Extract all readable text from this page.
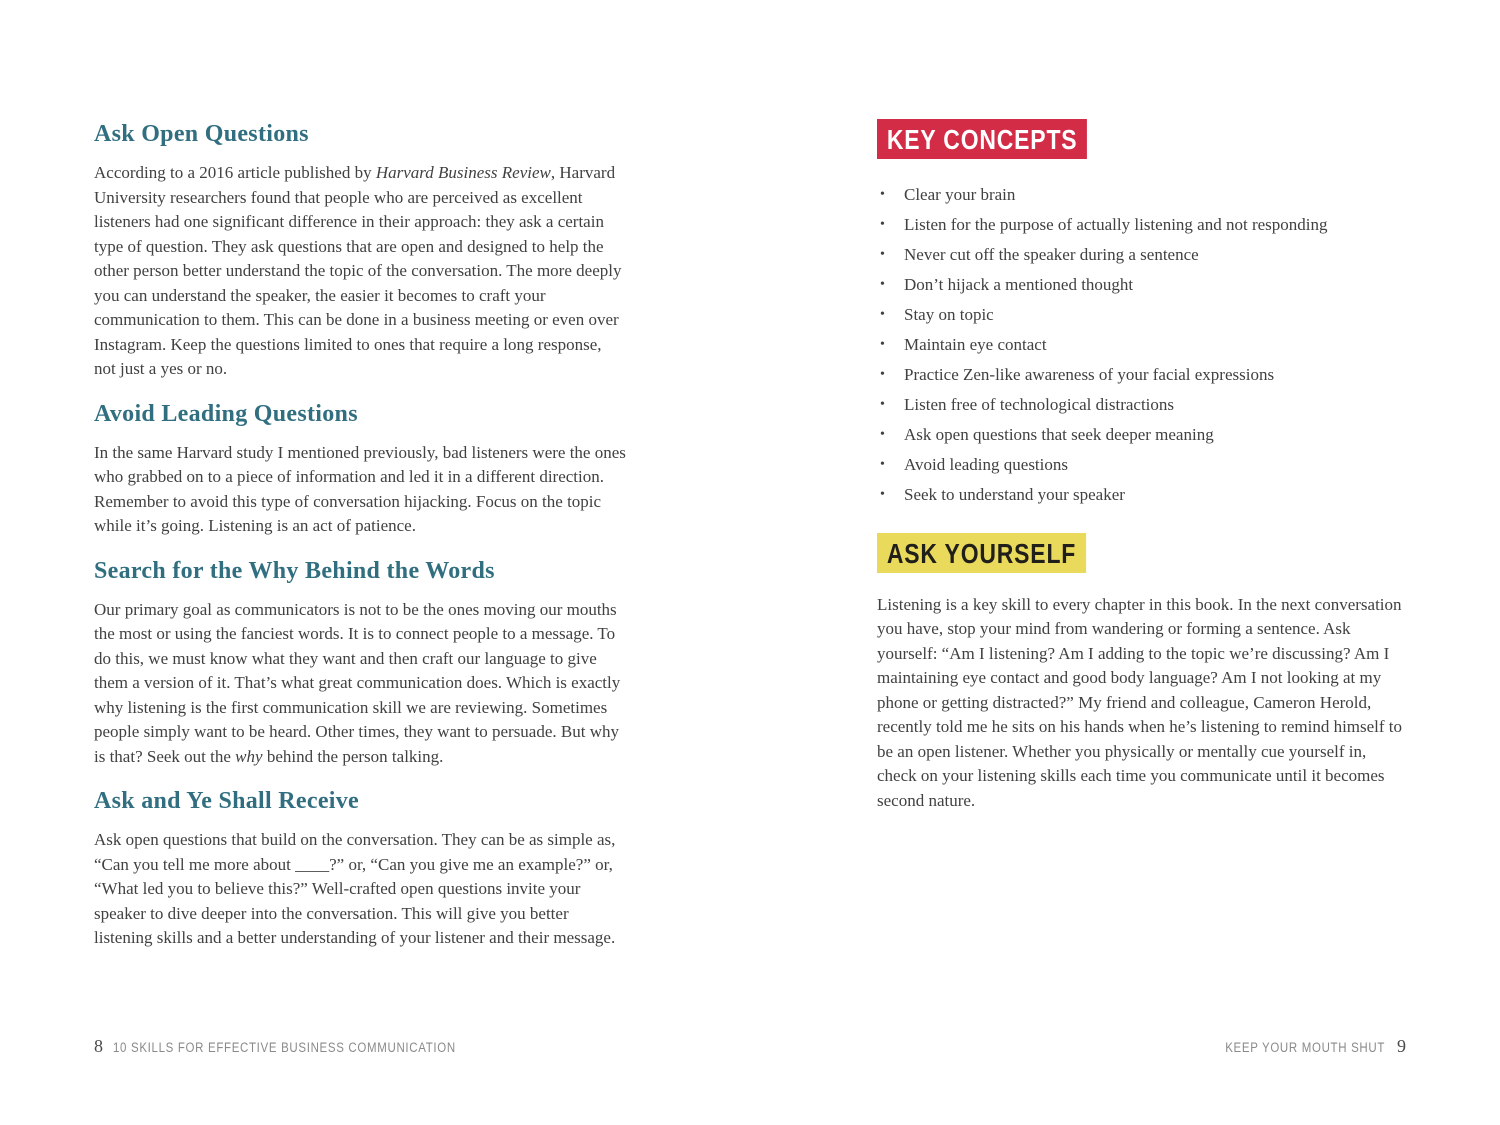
Ask Open Questions

According to a 2016 article published by Harvard Business Review, Harvard University researchers found that people who are perceived as excellent listeners had one significant difference in their approach: they ask a certain type of question. They ask questions that are open and designed to help the other person better understand the topic of the conversation. The more deeply you can understand the speaker, the easier it becomes to craft your communication to them. This can be done in a business meeting or even over Instagram. Keep the questions limited to ones that require a long response, not just a yes or no.

Avoid Leading Questions

In the same Harvard study I mentioned previously, bad listeners were the ones who grabbed on to a piece of information and led it in a different direction. Remember to avoid this type of conversation hijacking. Focus on the topic while it’s going. Listening is an act of patience.

Search for the Why Behind the Words

Our primary goal as communicators is not to be the ones moving our mouths the most or using the fanciest words. It is to connect people to a message. To do this, we must know what they want and then craft our language to give them a version of it. That’s what great communication does. Which is exactly why listening is the first communication skill we are reviewing. Sometimes people simply want to be heard. Other times, they want to persuade. But why is that? Seek out the why behind the person talking.

Ask and Ye Shall Receive

Ask open questions that build on the conversation. They can be as simple as, “Can you tell me more about ____?” or, “Can you give me an example?” or, “What led you to believe this?” Well-crafted open questions invite your speaker to dive deeper into the conversation. This will give you better listening skills and a better understanding of your listener and their message.

KEY CONCEPTS
• Clear your brain
• Listen for the purpose of actually listening and not responding
• Never cut off the speaker during a sentence
• Don’t hijack a mentioned thought
• Stay on topic
• Maintain eye contact
• Practice Zen-like awareness of your facial expressions
• Listen free of technological distractions
• Ask open questions that seek deeper meaning
• Avoid leading questions
• Seek to understand your speaker
ASK YOURSELF

Listening is a key skill to every chapter in this book. In the next conversation you have, stop your mind from wandering or forming a sentence. Ask yourself: “Am I listening? Am I adding to the topic we’re discussing? Am I maintaining eye contact and good body language? Am I not looking at my phone or getting distracted?” My friend and colleague, Cameron Herold, recently told me he sits on his hands when he’s listening to remind himself to be an open listener. Whether you physically or mentally cue yourself in, check on your listening skills each time you communicate until it becomes second nature.

8 10 SKILLS FOR EFFECTIVE BUSINESS COMMUNICATION	KEEP YOUR MOUTH SHUT 9
